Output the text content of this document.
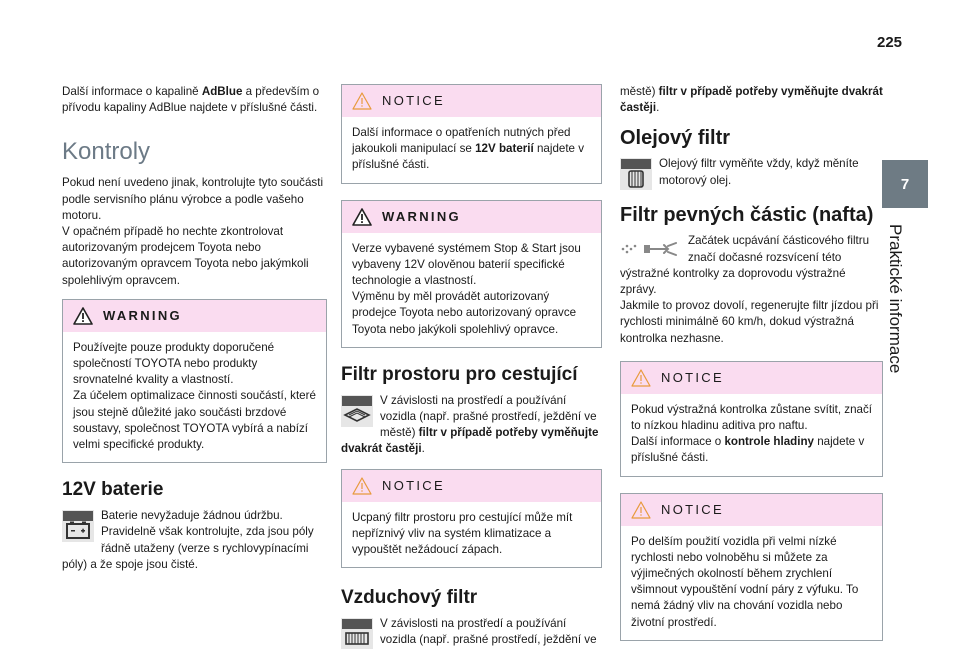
225
7
Praktické informace

Další informace o kapalině AdBlue a především o přívodu kapaliny AdBlue najdete v příslušné části.

Kontroly

Pokud není uvedeno jinak, kontrolujte tyto součásti podle servisního plánu výrobce a podle vašeho motoru.
V opačném případě ho nechte zkontrolovat autorizovaným prodejcem Toyota nebo autorizovaným opravcem Toyota nebo jakýmkoli spolehlivým opravcem.

WARNING
Používejte pouze produkty doporučené společností TOYOTA nebo produkty srovnatelné kvality a vlastností.
Za účelem optimalizace činnosti součástí, které jsou stejně důležité jako součásti brzdové soustavy, společnost TOYOTA vybírá a nabízí velmi specifické produkty.
12V baterie

Baterie nevyžaduje žádnou údržbu. Pravidelně však kontrolujte, zda jsou póly řádně utaženy (verze s rychlovypínacími póly) a že spoje jsou čisté.

NOTICE
Další informace o opatřeních nutných před jakoukoli manipulací se 12V baterií najdete v příslušné části.
WARNING
Verze vybavené systémem Stop & Start jsou vybaveny 12V olověnou baterií specifické technologie a vlastností.
Výměnu by měl provádět autorizovaný prodejce Toyota nebo autorizovaný opravce Toyota nebo jakýkoli spolehlivý opravce.
Filtr prostoru pro cestující

V závislosti na prostředí a používání vozidla (např. prašné prostředí, ježdění ve městě) filtr v případě potřeby vyměňujte dvakrát častěji.

NOTICE
Ucpaný filtr prostoru pro cestující může mít nepříznivý vliv na systém klimatizace a vypouštět nežádoucí zápach.
Vzduchový filtr

V závislosti na prostředí a používání vozidla (např. prašné prostředí, ježdění ve

městě) filtr v případě potřeby vyměňujte dvakrát častěji.

Olejový filtr

Olejový filtr vyměňte vždy, když měníte motorový olej.

Filtr pevných částic (nafta)

Začátek ucpávání částicového filtru značí dočasné rozsvícení této výstražné kontrolky za doprovodu výstražné zprávy.
Jakmile to provoz dovolí, regenerujte filtr jízdou při rychlosti minimálně 60 km/h, dokud výstražná kontrolka nezhasne.

NOTICE
Pokud výstražná kontrolka zůstane svítit, značí to nízkou hladinu aditiva pro naftu.
Další informace o kontrole hladiny najdete v příslušné části.
NOTICE
Po delším použití vozidla při velmi nízké rychlosti nebo volnoběhu si můžete za výjimečných okolností během zrychlení všimnout vypouštění vodní páry z výfuku. To nemá žádný vliv na chování vozidla nebo životní prostředí.
